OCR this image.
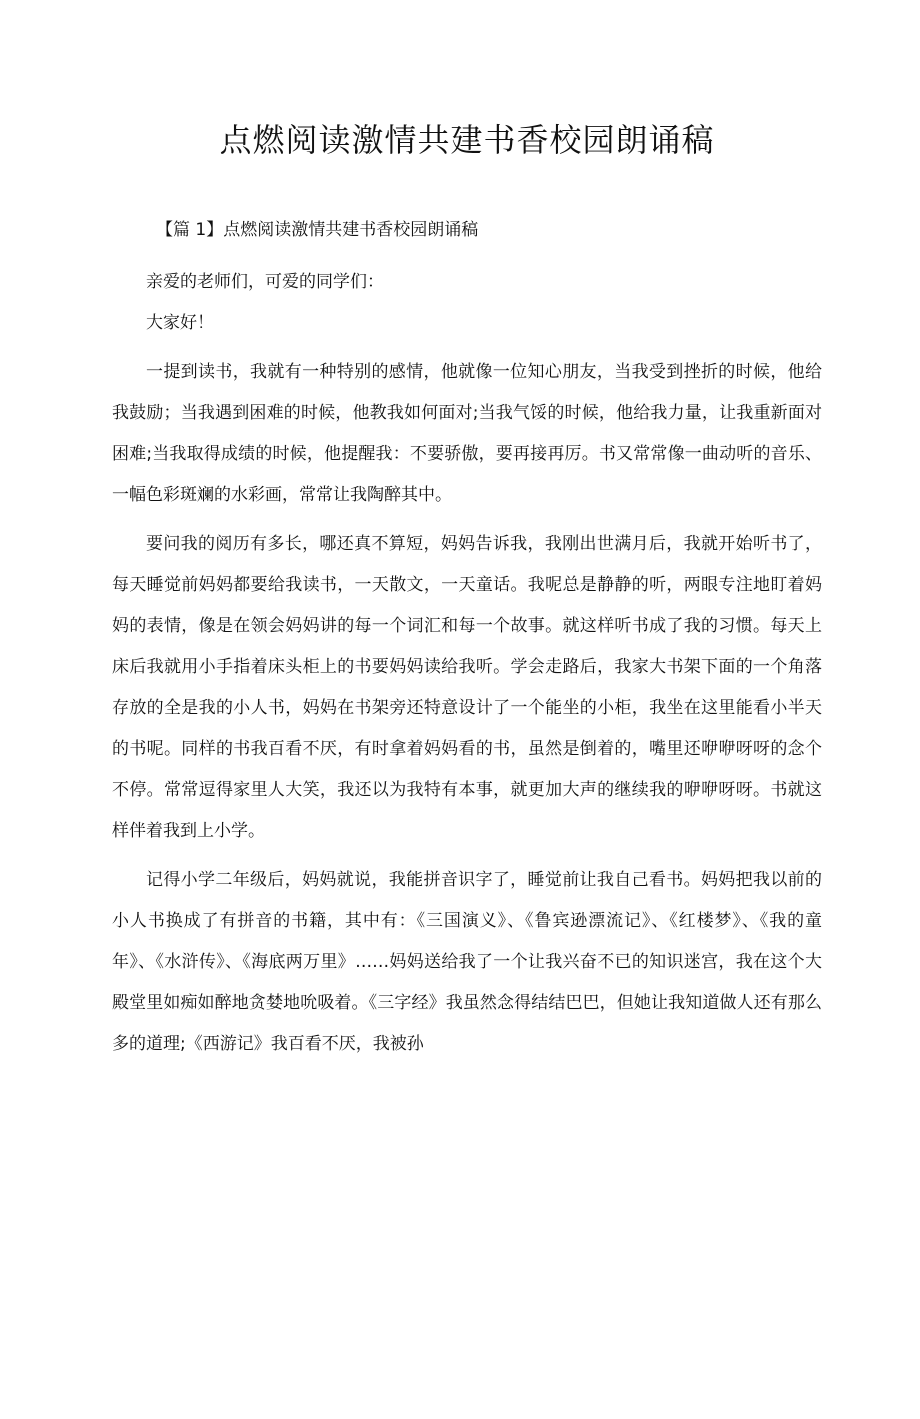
点燃阅读激情共建书香校园朗诵稿
【篇 1】点燃阅读激情共建书香校园朗诵稿

亲爱的老师们，可爱的同学们：

大家好！

一提到读书，我就有一种特别的感情，他就像一位知心朋友，当我受到挫折的时候，他给我鼓励；当我遇到困难的时候，他教我如何面对;当我气馁的时候，他给我力量，让我重新面对困难;当我取得成绩的时候，他提醒我：不要骄傲，要再接再厉。书又常常像一曲动听的音乐、一幅色彩斑斓的水彩画，常常让我陶醉其中。

要问我的阅历有多长，哪还真不算短，妈妈告诉我，我刚出世满月后，我就开始听书了，每天睡觉前妈妈都要给我读书，一天散文，一天童话。我呢总是静静的听，两眼专注地盯着妈妈的表情，像是在领会妈妈讲的每一个词汇和每一个故事。就这样听书成了我的习惯。每天上床后我就用小手指着床头柜上的书要妈妈读给我听。学会走路后，我家大书架下面的一个角落存放的全是我的小人书，妈妈在书架旁还特意设计了一个能坐的小柜，我坐在这里能看小半天的书呢。同样的书我百看不厌，有时拿着妈妈看的书，虽然是倒着的，嘴里还咿咿呀呀的念个不停。常常逗得家里人大笑，我还以为我特有本事，就更加大声的继续我的咿咿呀呀。书就这样伴着我到上小学。

记得小学二年级后，妈妈就说，我能拼音识字了，睡觉前让我自己看书。妈妈把我以前的小人书换成了有拼音的书籍，其中有：《三国演义》、《鲁宾逊漂流记》、《红楼梦》、《我的童年》、《水浒传》、《海底两万里》……妈妈送给我了一个让我兴奋不已的知识迷宫，我在这个大殿堂里如痴如醉地贪婪地吮吸着。《三字经》我虽然念得结结巴巴，但她让我知道做人还有那么多的道理;《西游记》我百看不厌，我被孙
